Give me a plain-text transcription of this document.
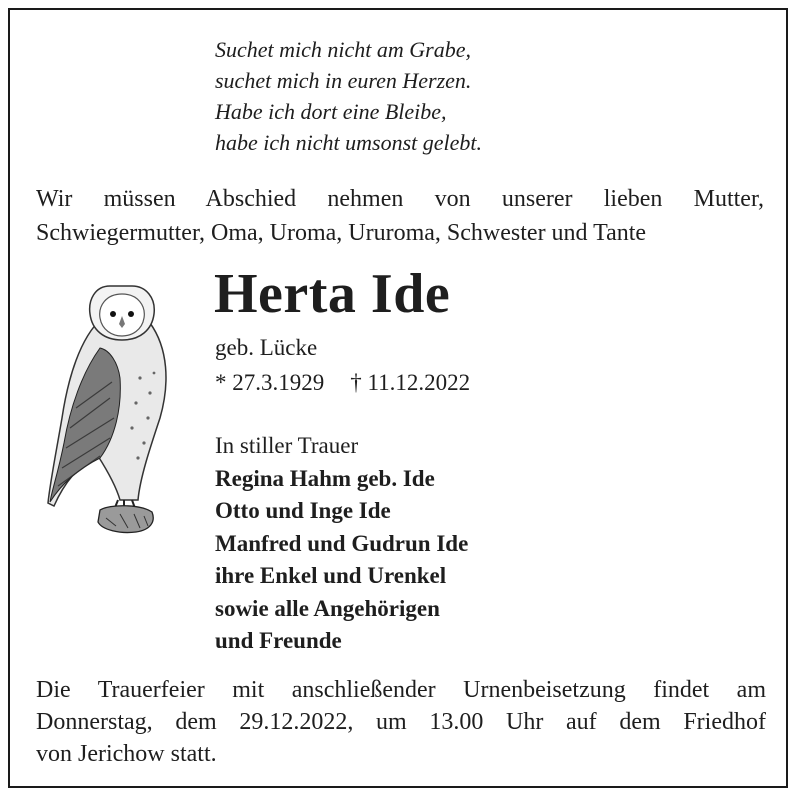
Suchet mich nicht am Grabe,
suchet mich in euren Herzen.
Habe ich dort eine Bleibe,
habe ich nicht umsonst gelebt.
Wir müssen Abschied nehmen von unserer lieben Mutter,
Schwiegermutter, Oma, Uroma, Ururoma, Schwester und Tante
Herta Ide
geb. Lücke
* 27.3.1929 † 11.12.2022
In stiller Trauer
Regina Hahm geb. Ide
Otto und Inge Ide
Manfred und Gudrun Ide
ihre Enkel und Urenkel
sowie alle Angehörigen
und Freunde
Die Trauerfeier mit anschließender Urnenbeisetzung findet am
Donnerstag, dem 29.12.2022, um 13.00 Uhr auf dem Friedhof
von Jerichow statt.
